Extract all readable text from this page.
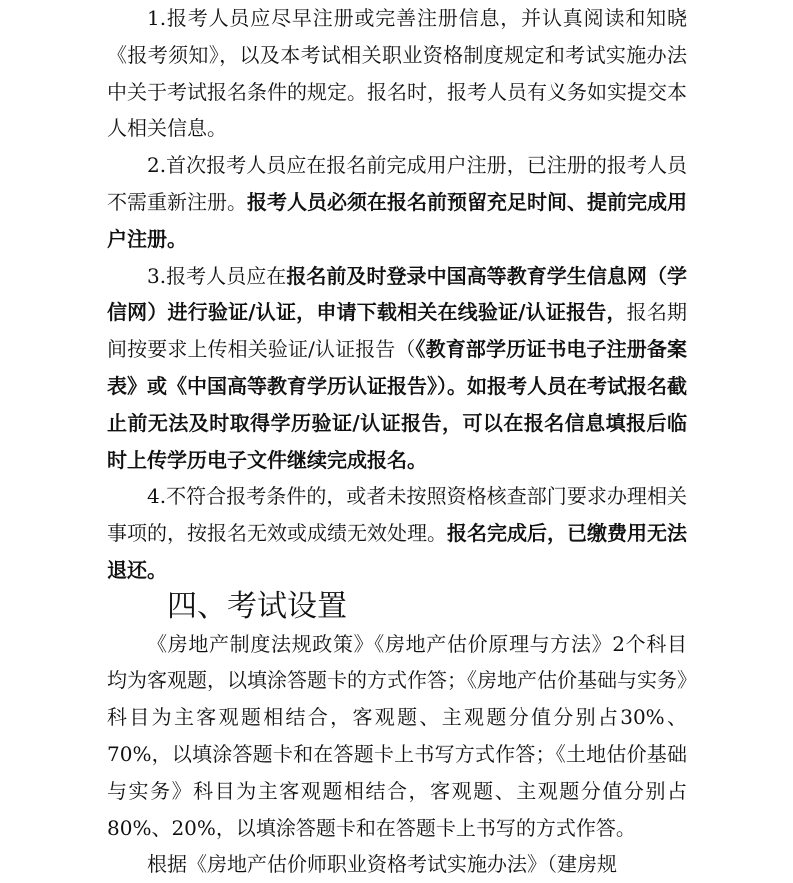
1.报考人员应尽早注册或完善注册信息，并认真阅读和知晓《报考须知》，以及本考试相关职业资格制度规定和考试实施办法中关于考试报名条件的规定。报名时，报考人员有义务如实提交本人相关信息。

2.首次报考人员应在报名前完成用户注册，已注册的报考人员不需重新注册。报考人员必须在报名前预留充足时间、提前完成用户注册。

3.报考人员应在报名前及时登录中国高等教育学生信息网（学信网）进行验证/认证，申请下载相关在线验证/认证报告，报名期间按要求上传相关验证/认证报告（《教育部学历证书电子注册备案表》或《中国高等教育学历认证报告》）。如报考人员在考试报名截止前无法及时取得学历验证/认证报告，可以在报名信息填报后临时上传学历电子文件继续完成报名。

4.不符合报考条件的，或者未按照资格核查部门要求办理相关事项的，按报名无效或成绩无效处理。报名完成后，已缴费用无法退还。

四、考试设置

《房地产制度法规政策》《房地产估价原理与方法》2个科目均为客观题，以填涂答题卡的方式作答；《房地产估价基础与实务》科目为主客观题相结合，客观题、主观题分值分别占30%、70%，以填涂答题卡和在答题卡上书写方式作答；《土地估价基础与实务》科目为主客观题相结合，客观题、主观题分值分别占80%、20%，以填涂答题卡和在答题卡上书写的方式作答。

根据《房地产估价师职业资格考试实施办法》（建房规
